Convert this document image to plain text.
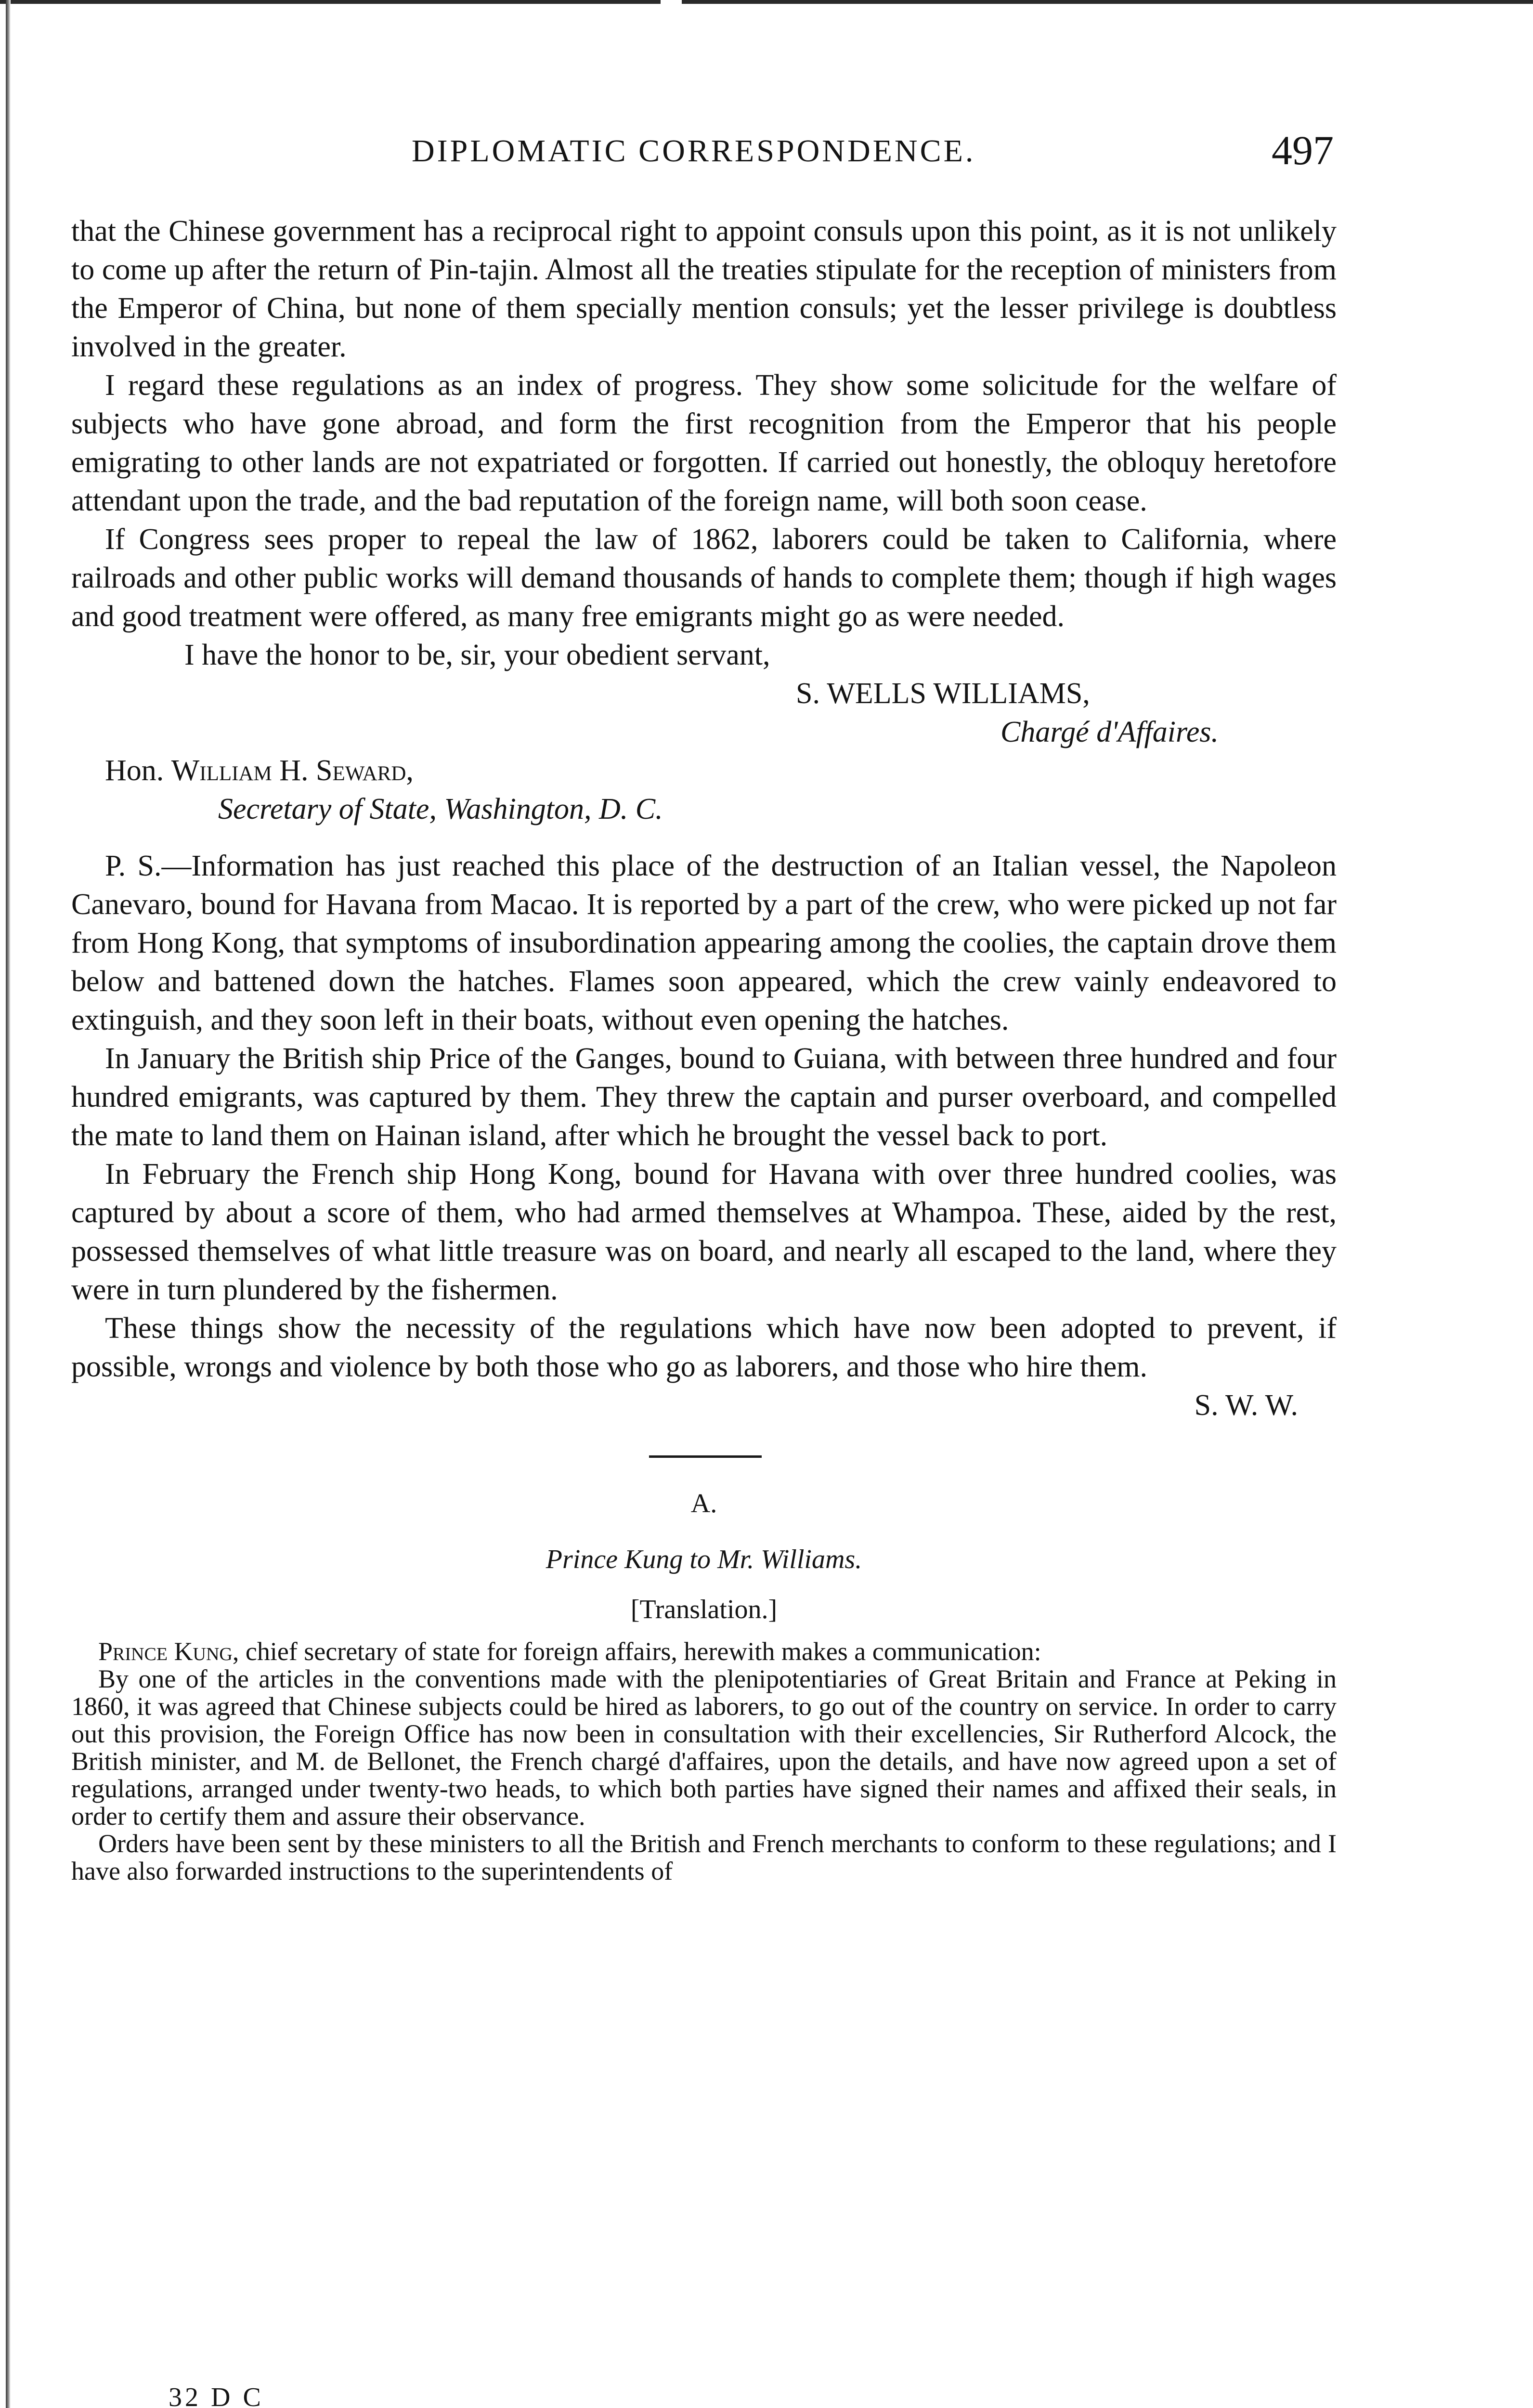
DIPLOMATIC CORRESPONDENCE.	497

that the Chinese government has a reciprocal right to appoint consuls upon this point, as it is not unlikely to come up after the return of Pin-tajin. Almost all the treaties stipulate for the reception of ministers from the Emperor of China, but none of them specially mention consuls; yet the lesser privilege is doubtless involved in the greater.

I regard these regulations as an index of progress. They show some solicitude for the welfare of subjects who have gone abroad, and form the first recognition from the Emperor that his people emigrating to other lands are not expatriated or forgotten. If carried out honestly, the obloquy heretofore attendant upon the trade, and the bad reputation of the foreign name, will both soon cease.

If Congress sees proper to repeal the law of 1862, laborers could be taken to California, where railroads and other public works will demand thousands of hands to complete them; though if high wages and good treatment were offered, as many free emigrants might go as were needed.

I have the honor to be, sir, your obedient servant,

S. WELLS WILLIAMS,

Chargé d'Affaires.

Hon. William H. Seward,

Secretary of State, Washington, D. C.

P. S.—Information has just reached this place of the destruction of an Italian vessel, the Napoleon Canevaro, bound for Havana from Macao. It is reported by a part of the crew, who were picked up not far from Hong Kong, that symptoms of insubordination appearing among the coolies, the captain drove them below and battened down the hatches. Flames soon appeared, which the crew vainly endeavored to extinguish, and they soon left in their boats, without even opening the hatches.

In January the British ship Price of the Ganges, bound to Guiana, with between three hundred and four hundred emigrants, was captured by them. They threw the captain and purser overboard, and compelled the mate to land them on Hainan island, after which he brought the vessel back to port.

In February the French ship Hong Kong, bound for Havana with over three hundred coolies, was captured by about a score of them, who had armed themselves at Whampoa. These, aided by the rest, possessed themselves of what little treasure was on board, and nearly all escaped to the land, where they were in turn plundered by the fishermen.

These things show the necessity of the regulations which have now been adopted to prevent, if possible, wrongs and violence by both those who go as laborers, and those who hire them.

S. W. W.

A.

Prince Kung to Mr. Williams.

[Translation.]

Prince Kung, chief secretary of state for foreign affairs, herewith makes a communication:

By one of the articles in the conventions made with the plenipotentiaries of Great Britain and France at Peking in 1860, it was agreed that Chinese subjects could be hired as laborers, to go out of the country on service. In order to carry out this provision, the Foreign Office has now been in consultation with their excellencies, Sir Rutherford Alcock, the British minister, and M. de Bellonet, the French chargé d'affaires, upon the details, and have now agreed upon a set of regulations, arranged under twenty-two heads, to which both parties have signed their names and affixed their seals, in order to certify them and assure their observance.

Orders have been sent by these ministers to all the British and French merchants to conform to these regulations; and I have also forwarded instructions to the superintendents of

32 D C
